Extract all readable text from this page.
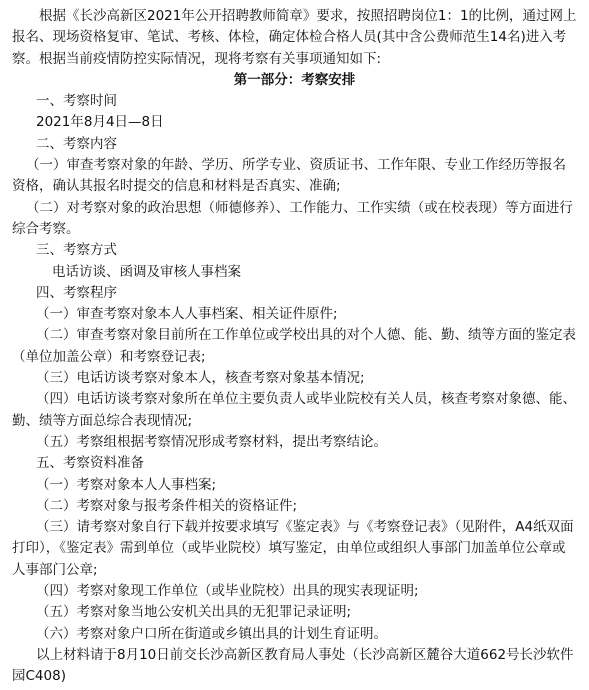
根据《长沙高新区2021年公开招聘教师简章》要求，按照招聘岗位1：1的比例，通过网上报名、现场资格复审、笔试、考核、体检，确定体检合格人员(其中含公费师范生14名)进入考察。根据当前疫情防控实际情况，现将考察有关事项通知如下:

第一部分：考察安排

一、考察时间

2021年8月4日—8日

二、考察内容

（一）审查考察对象的年龄、学历、所学专业、资质证书、工作年限、专业工作经历等报名资格，确认其报名时提交的信息和材料是否真实、准确;

（二）对考察对象的政治思想（师德修养）、工作能力、工作实绩（或在校表现）等方面进行综合考察。

三、考察方式

电话访谈、函调及审核人事档案

四、考察程序

（一）审查考察对象本人人事档案、相关证件原件;

（二）审查考察对象目前所在工作单位或学校出具的对个人德、能、勤、绩等方面的鉴定表（单位加盖公章）和考察登记表;

（三）电话访谈考察对象本人，核查考察对象基本情况;

（四）电话访谈考察对象所在单位主要负责人或毕业院校有关人员，核查考察对象德、能、勤、绩等方面总综合表现情况;

（五）考察组根据考察情况形成考察材料，提出考察结论。

五、考察资料准备

（一）考察对象本人人事档案;

（二）考察对象与报考条件相关的资格证件;

（三）请考察对象自行下载并按要求填写《鉴定表》与《考察登记表》（见附件，A4纸双面打印），《鉴定表》需到单位（或毕业院校）填写鉴定，由单位或组织人事部门加盖单位公章或人事部门公章;

（四）考察对象现工作单位（或毕业院校）出具的现实表现证明;

（五）考察对象当地公安机关出具的无犯罪记录证明;

（六）考察对象户口所在街道或乡镇出具的计划生育证明。

以上材料请于8月10日前交长沙高新区教育局人事处（长沙高新区麓谷大道662号长沙软件园C408)
